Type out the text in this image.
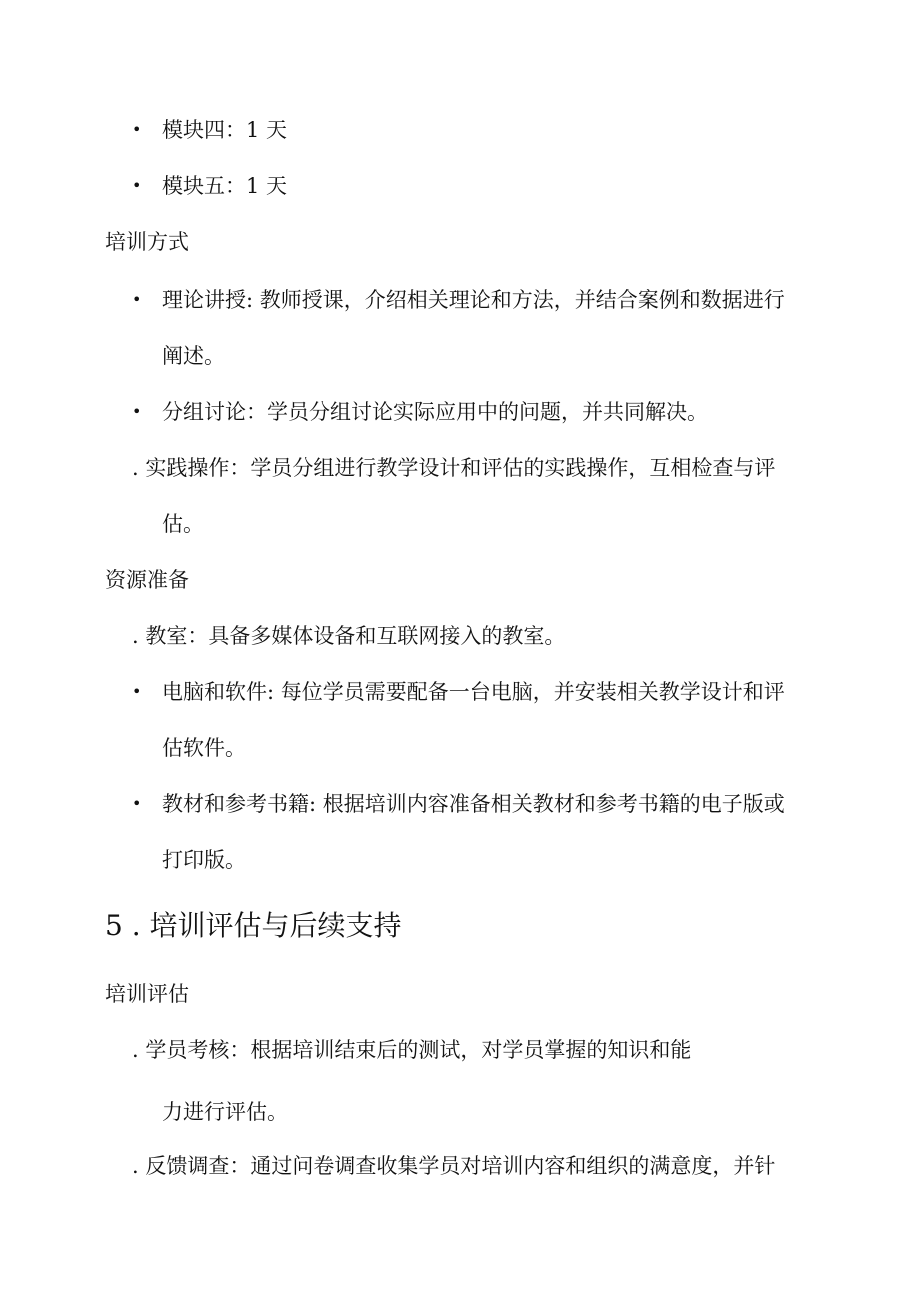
• 模块四：1 天
• 模块五：1 天
培训方式
• 理论讲授: 教师授课，介绍相关理论和方法，并结合案例和数据进行
阐述。
• 分组讨论：学员分组讨论实际应用中的问题，并共同解决。
. 实践操作：学员分组进行教学设计和评估的实践操作，互相检查与评
估。
资源准备
. 教室：具备多媒体设备和互联网接入的教室。
• 电脑和软件: 每位学员需要配备一台电脑，并安装相关教学设计和评
估软件。
• 教材和参考书籍: 根据培训内容准备相关教材和参考书籍的电子版或
打印版。
5 . 培训评估与后续支持
培训评估
. 学员考核：根据培训结束后的测试，对学员掌握的知识和能
力进行评估。
. 反馈调查：通过问卷调查收集学员对培训内容和组织的满意度，并针
